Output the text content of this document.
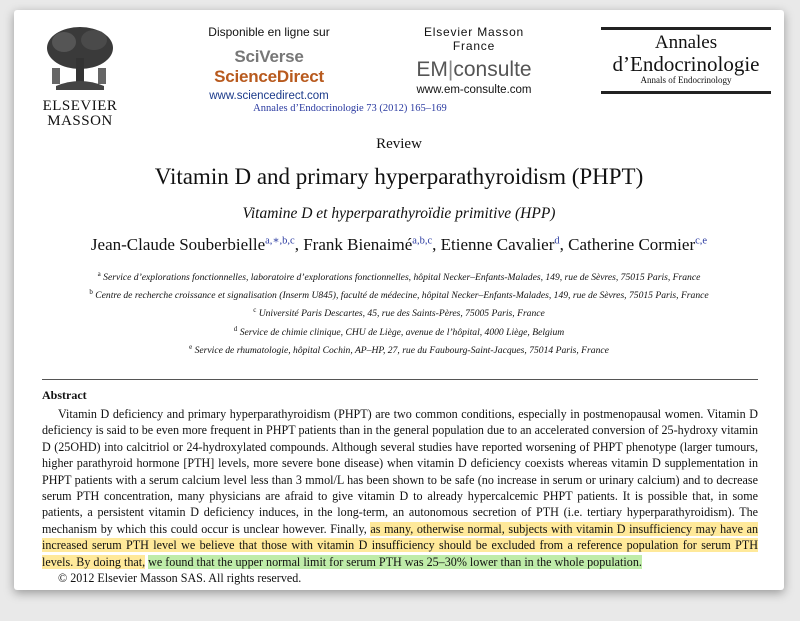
ELSEVIER
MASSON
Disponible en ligne sur
SciVerse ScienceDirect
www.sciencedirect.com
Elsevier Masson France
EM|consulte
www.em-consulte.com
Annales
d’Endocrinologie
Annals of Endocrinology
Annales d’Endocrinologie 73 (2012) 165–169
Review
Vitamin D and primary hyperparathyroidism (PHPT)
Vitamine D et hyperparathyroïdie primitive (HPP)
Jean-Claude Souberbielle$^{a,∗,b,c}$, Frank Bienaimé$^{a,b,c}$, Etienne Cavalier$^d$, Catherine Cormier$^{c,e}$
$^a$ Service d’explorations fonctionnelles, laboratoire d’explorations fonctionnelles, hôpital Necker–Enfants-Malades, 149, rue de Sèvres, 75015 Paris, France
$^b$ Centre de recherche croissance et signalisation (Inserm U845), faculté de médecine, hôpital Necker–Enfants-Malades, 149, rue de Sèvres, 75015 Paris, France
$^c$ Université Paris Descartes, 45, rue des Saints-Pères, 75005 Paris, France
$^d$ Service de chimie clinique, CHU de Liège, avenue de l’hôpital, 4000 Liège, Belgium
$^e$ Service de rhumatologie, hôpital Cochin, AP–HP, 27, rue du Faubourg-Saint-Jacques, 75014 Paris, France
Abstract

Vitamin D deficiency and primary hyperparathyroidism (PHPT) are two common conditions, especially in postmenopausal women. Vitamin D deficiency is said to be even more frequent in PHPT patients than in the general population due to an accelerated conversion of 25-hydroxy vitamin D (25OHD) into calcitriol or 24-hydroxylated compounds. Although several studies have reported worsening of PHPT phenotype (larger tumours, higher parathyroid hormone [PTH] levels, more severe bone disease) when vitamin D deficiency coexists whereas vitamin D supplementation in PHPT patients with a serum calcium level less than 3 mmol/L has been shown to be safe (no increase in serum or urinary calcium) and to decrease serum PTH concentration, many physicians are afraid to give vitamin D to already hypercalcemic PHPT patients. It is possible that, in some patients, a persistent vitamin D deficiency induces, in the long-term, an autonomous secretion of PTH (i.e. tertiary hyperparathyroidism). The mechanism by which this could occur is unclear however. Finally, as many, otherwise normal, subjects with vitamin D insufficiency may have an increased serum PTH level we believe that those with vitamin D insufficiency should be excluded from a reference population for serum PTH levels. By doing that, we found that the upper normal limit for serum PTH was 25–30% lower than in the whole population.

© 2012 Elsevier Masson SAS. All rights reserved.
